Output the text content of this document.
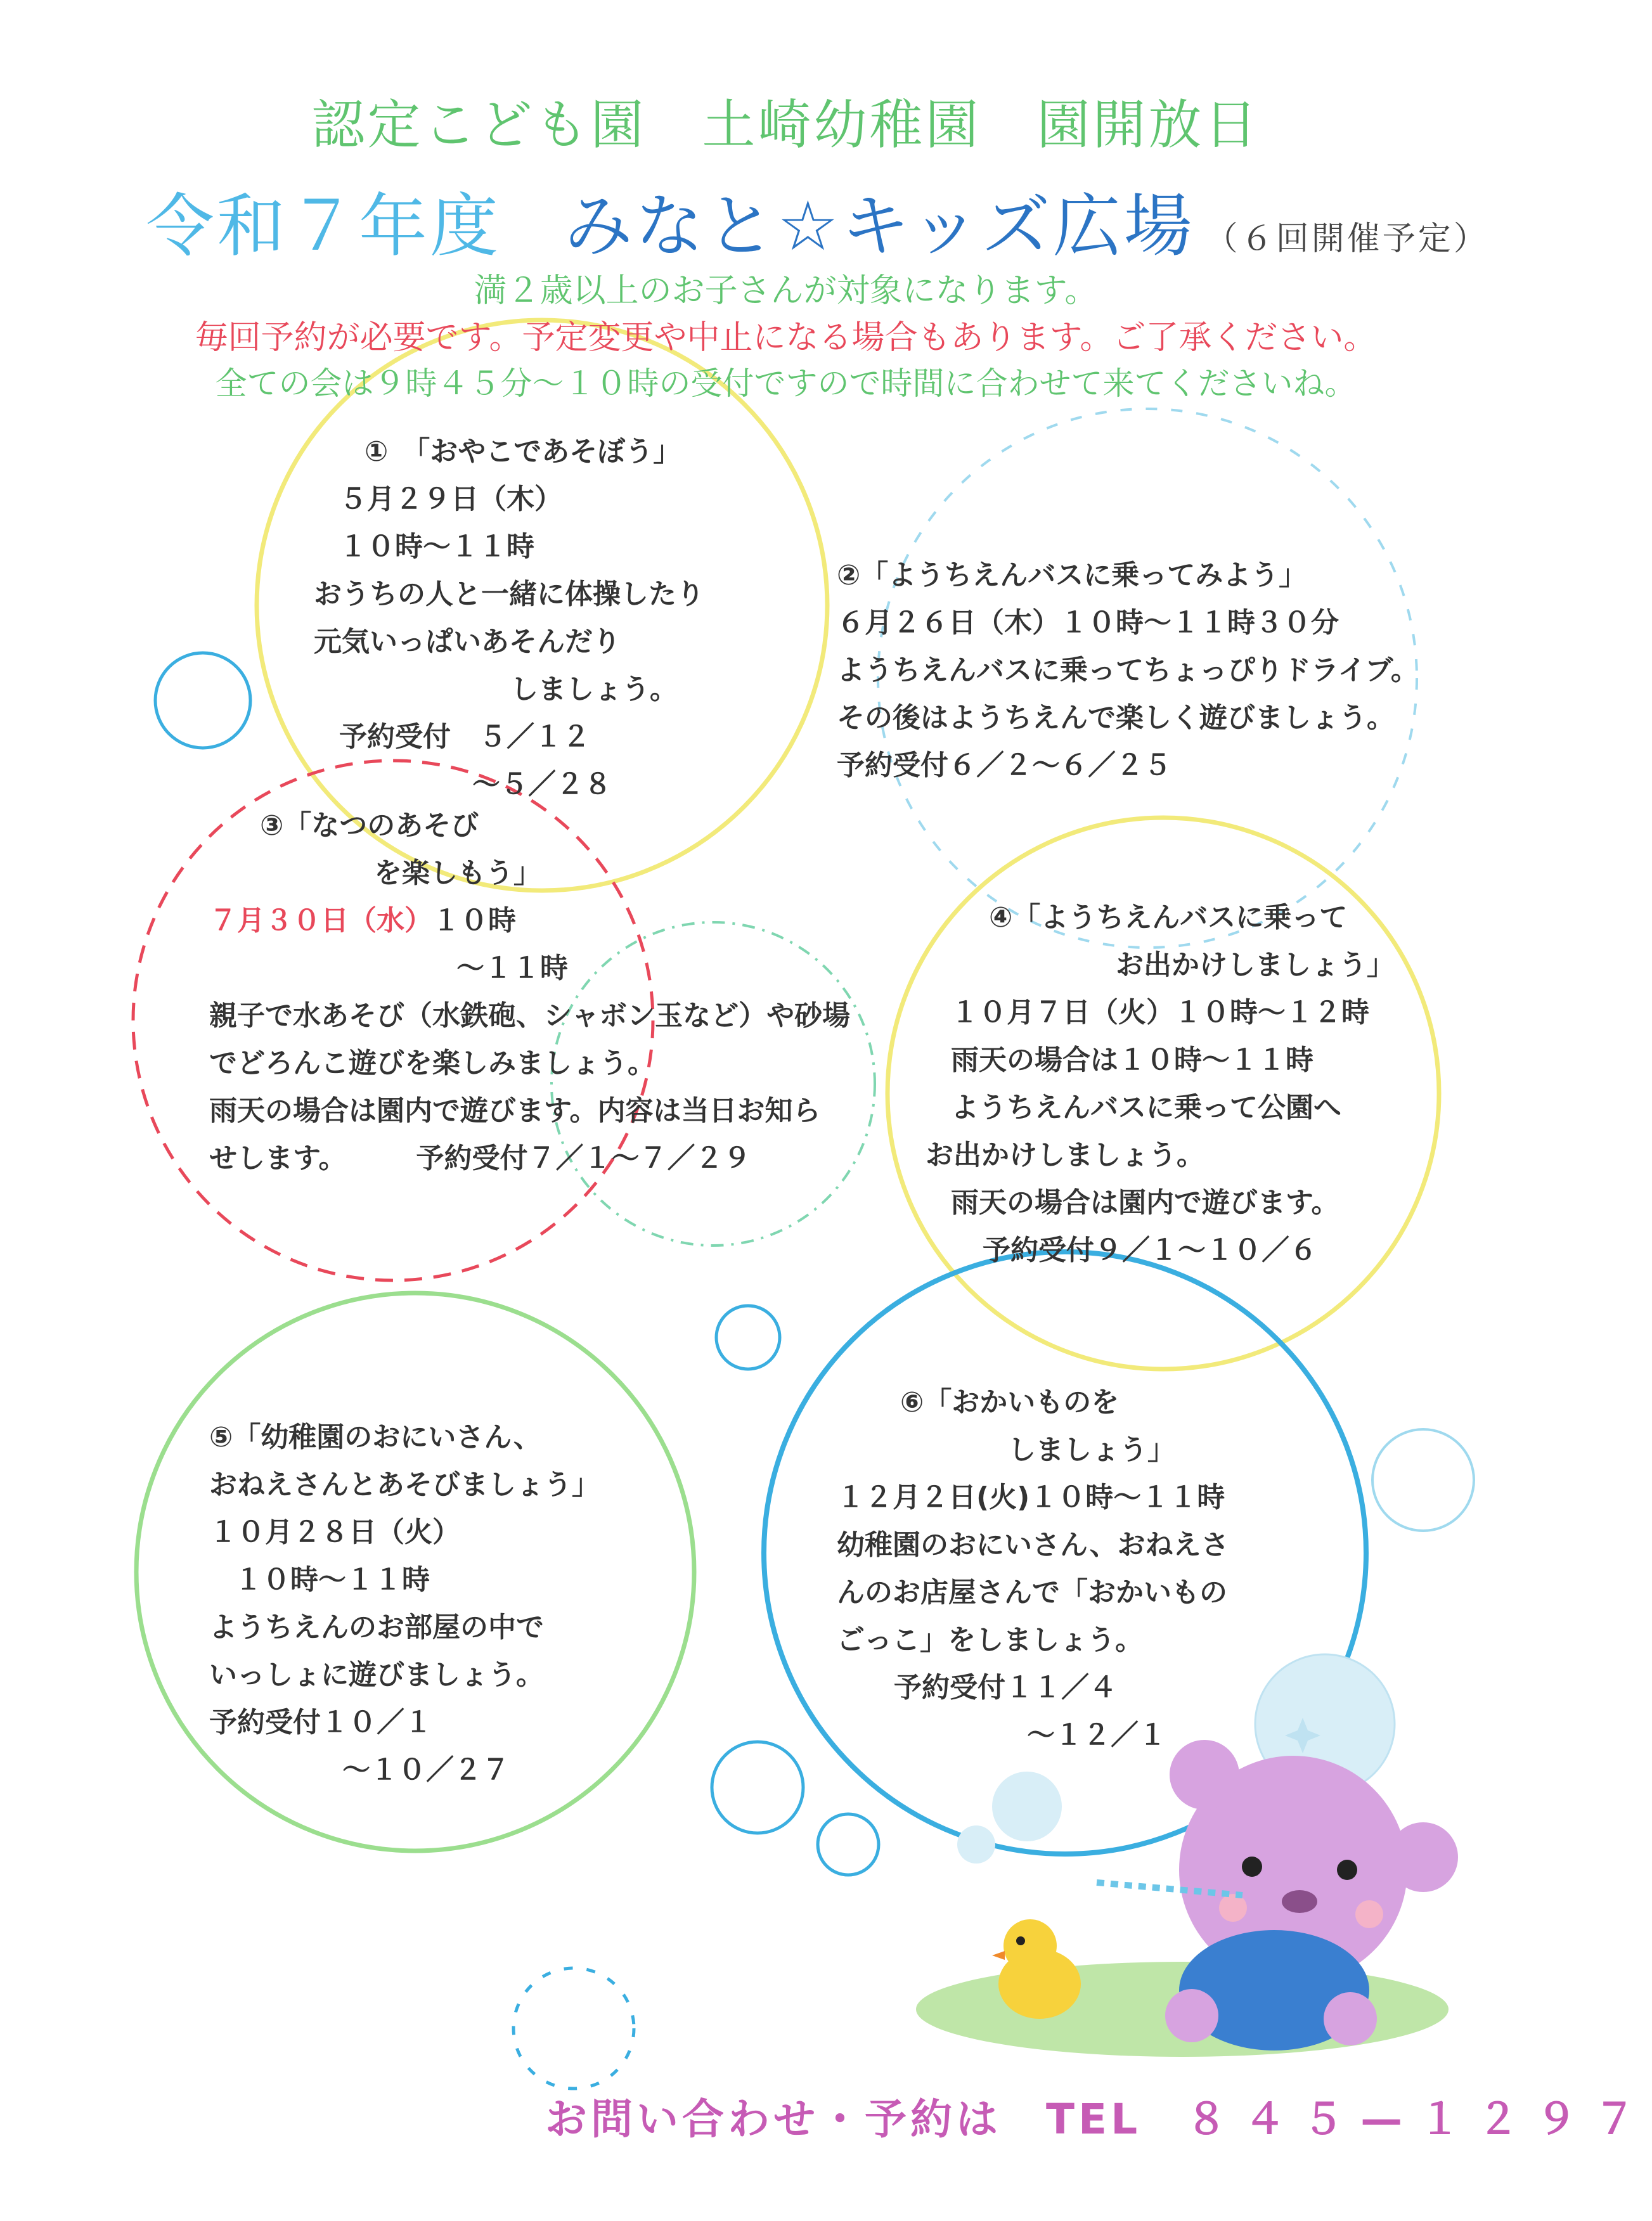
認定こども園　土崎幼稚園　園開放日
令和７年度 みなと☆キッズ広場 （６回開催予定）
満２歳以上のお子さんが対象になります。
毎回予約が必要です。予定変更や中止になる場合もあります。ご了承ください。
全ての会は９時４５分～１０時の受付ですので時間に合わせて来てくださいね。
①　「おやこであそぼう」
５月２９日（木）
１０時～１１時
おうちの人と一緒に体操したり
元気いっぱいあそんだり
しましょう。
予約受付　５／１２
～５／２８
②「ようちえんバスに乗ってみよう」
６月２６日（木）１０時～１１時３０分
ようちえんバスに乗ってちょっぴりドライブ。
その後はようちえんで楽しく遊びましょう。
予約受付６／２～６／２５
③「なつのあそび
を楽しもう」
７月３０日（水）１０時
～１１時
親子で水あそび（水鉄砲、シャボン玉など）や砂場
でどろんこ遊びを楽しみましょう。
雨天の場合は園内で遊びます。内容は当日お知ら
せします。	予約受付７／１～７／２９
④「ようちえんバスに乗って
お出かけしましょう」
１０月７日（火）１０時～１２時
雨天の場合は１０時～１１時
ようちえんバスに乗って公園へ
お出かけしましょう。
雨天の場合は園内で遊びます。
予約受付９／１～１０／６
⑤「幼稚園のおにいさん、
おねえさんとあそびましょう」
１０月２８日（火）
１０時～１１時
ようちえんのお部屋の中で
いっしょに遊びましょう。
予約受付１０／１
～１０／２７
⑥「おかいものを
しましょう」
１２月２日(火)１０時～１１時
幼稚園のおにいさん、おねえさ
んのお店屋さんで「おかいもの
ごっこ」をしましょう。
予約受付１１／４
～１２／１
お問い合わせ・予約は TEL ８４５—１２９７
